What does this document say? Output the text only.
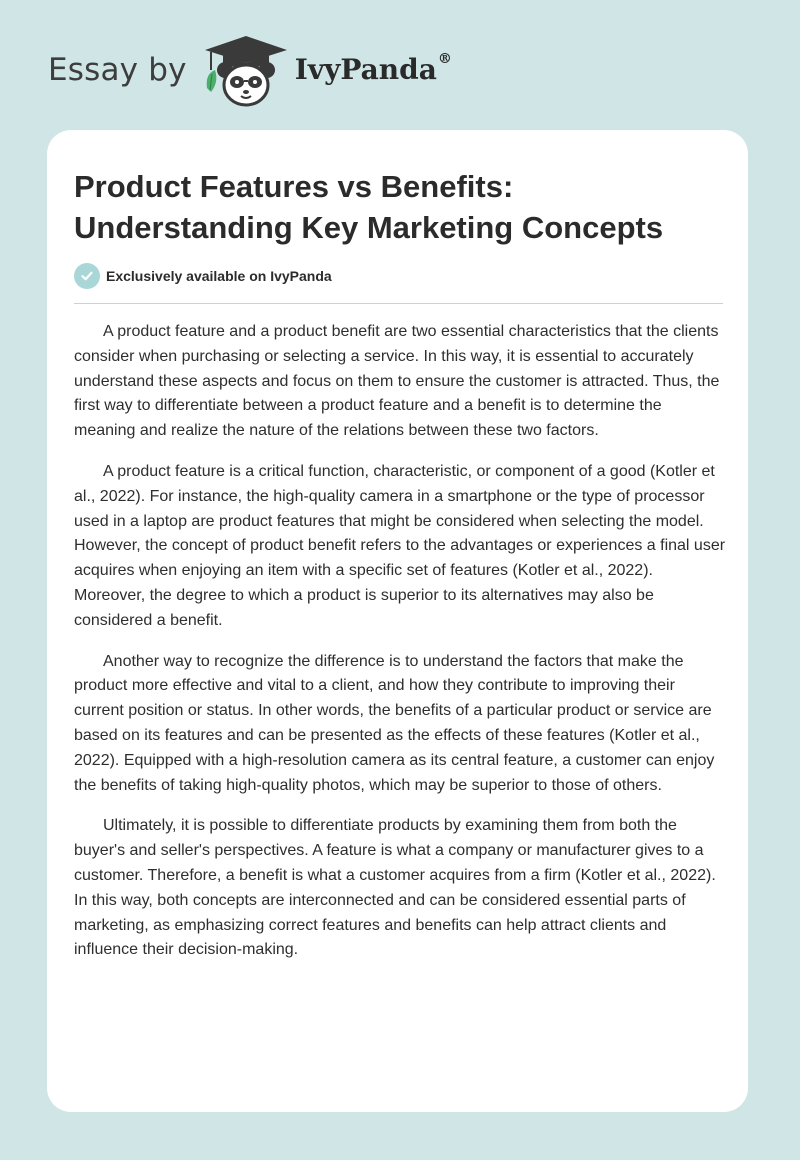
Essay by	IvyPanda®
Product Features vs Benefits: Understanding Key Marketing Concepts
Exclusively available on IvyPanda

A product feature and a product benefit are two essential characteristics that the clients consider when purchasing or selecting a service. In this way, it is essential to accurately understand these aspects and focus on them to ensure the customer is attracted. Thus, the first way to differentiate between a product feature and a benefit is to determine the meaning and realize the nature of the relations between these two factors.

A product feature is a critical function, characteristic, or component of a good (Kotler et al., 2022). For instance, the high-quality camera in a smartphone or the type of processor used in a laptop are product features that might be considered when selecting the model. However, the concept of product benefit refers to the advantages or experiences a final user acquires when enjoying an item with a specific set of features (Kotler et al., 2022). Moreover, the degree to which a product is superior to its alternatives may also be considered a benefit.

Another way to recognize the difference is to understand the factors that make the product more effective and vital to a client, and how they contribute to improving their current position or status. In other words, the benefits of a particular product or service are based on its features and can be presented as the effects of these features (Kotler et al., 2022). Equipped with a high-resolution camera as its central feature, a customer can enjoy the benefits of taking high-quality photos, which may be superior to those of others.

Ultimately, it is possible to differentiate products by examining them from both the buyer's and seller's perspectives. A feature is what a company or manufacturer gives to a customer. Therefore, a benefit is what a customer acquires from a firm (Kotler et al., 2022). In this way, both concepts are interconnected and can be considered essential parts of marketing, as emphasizing correct features and benefits can help attract clients and influence their decision-making.
